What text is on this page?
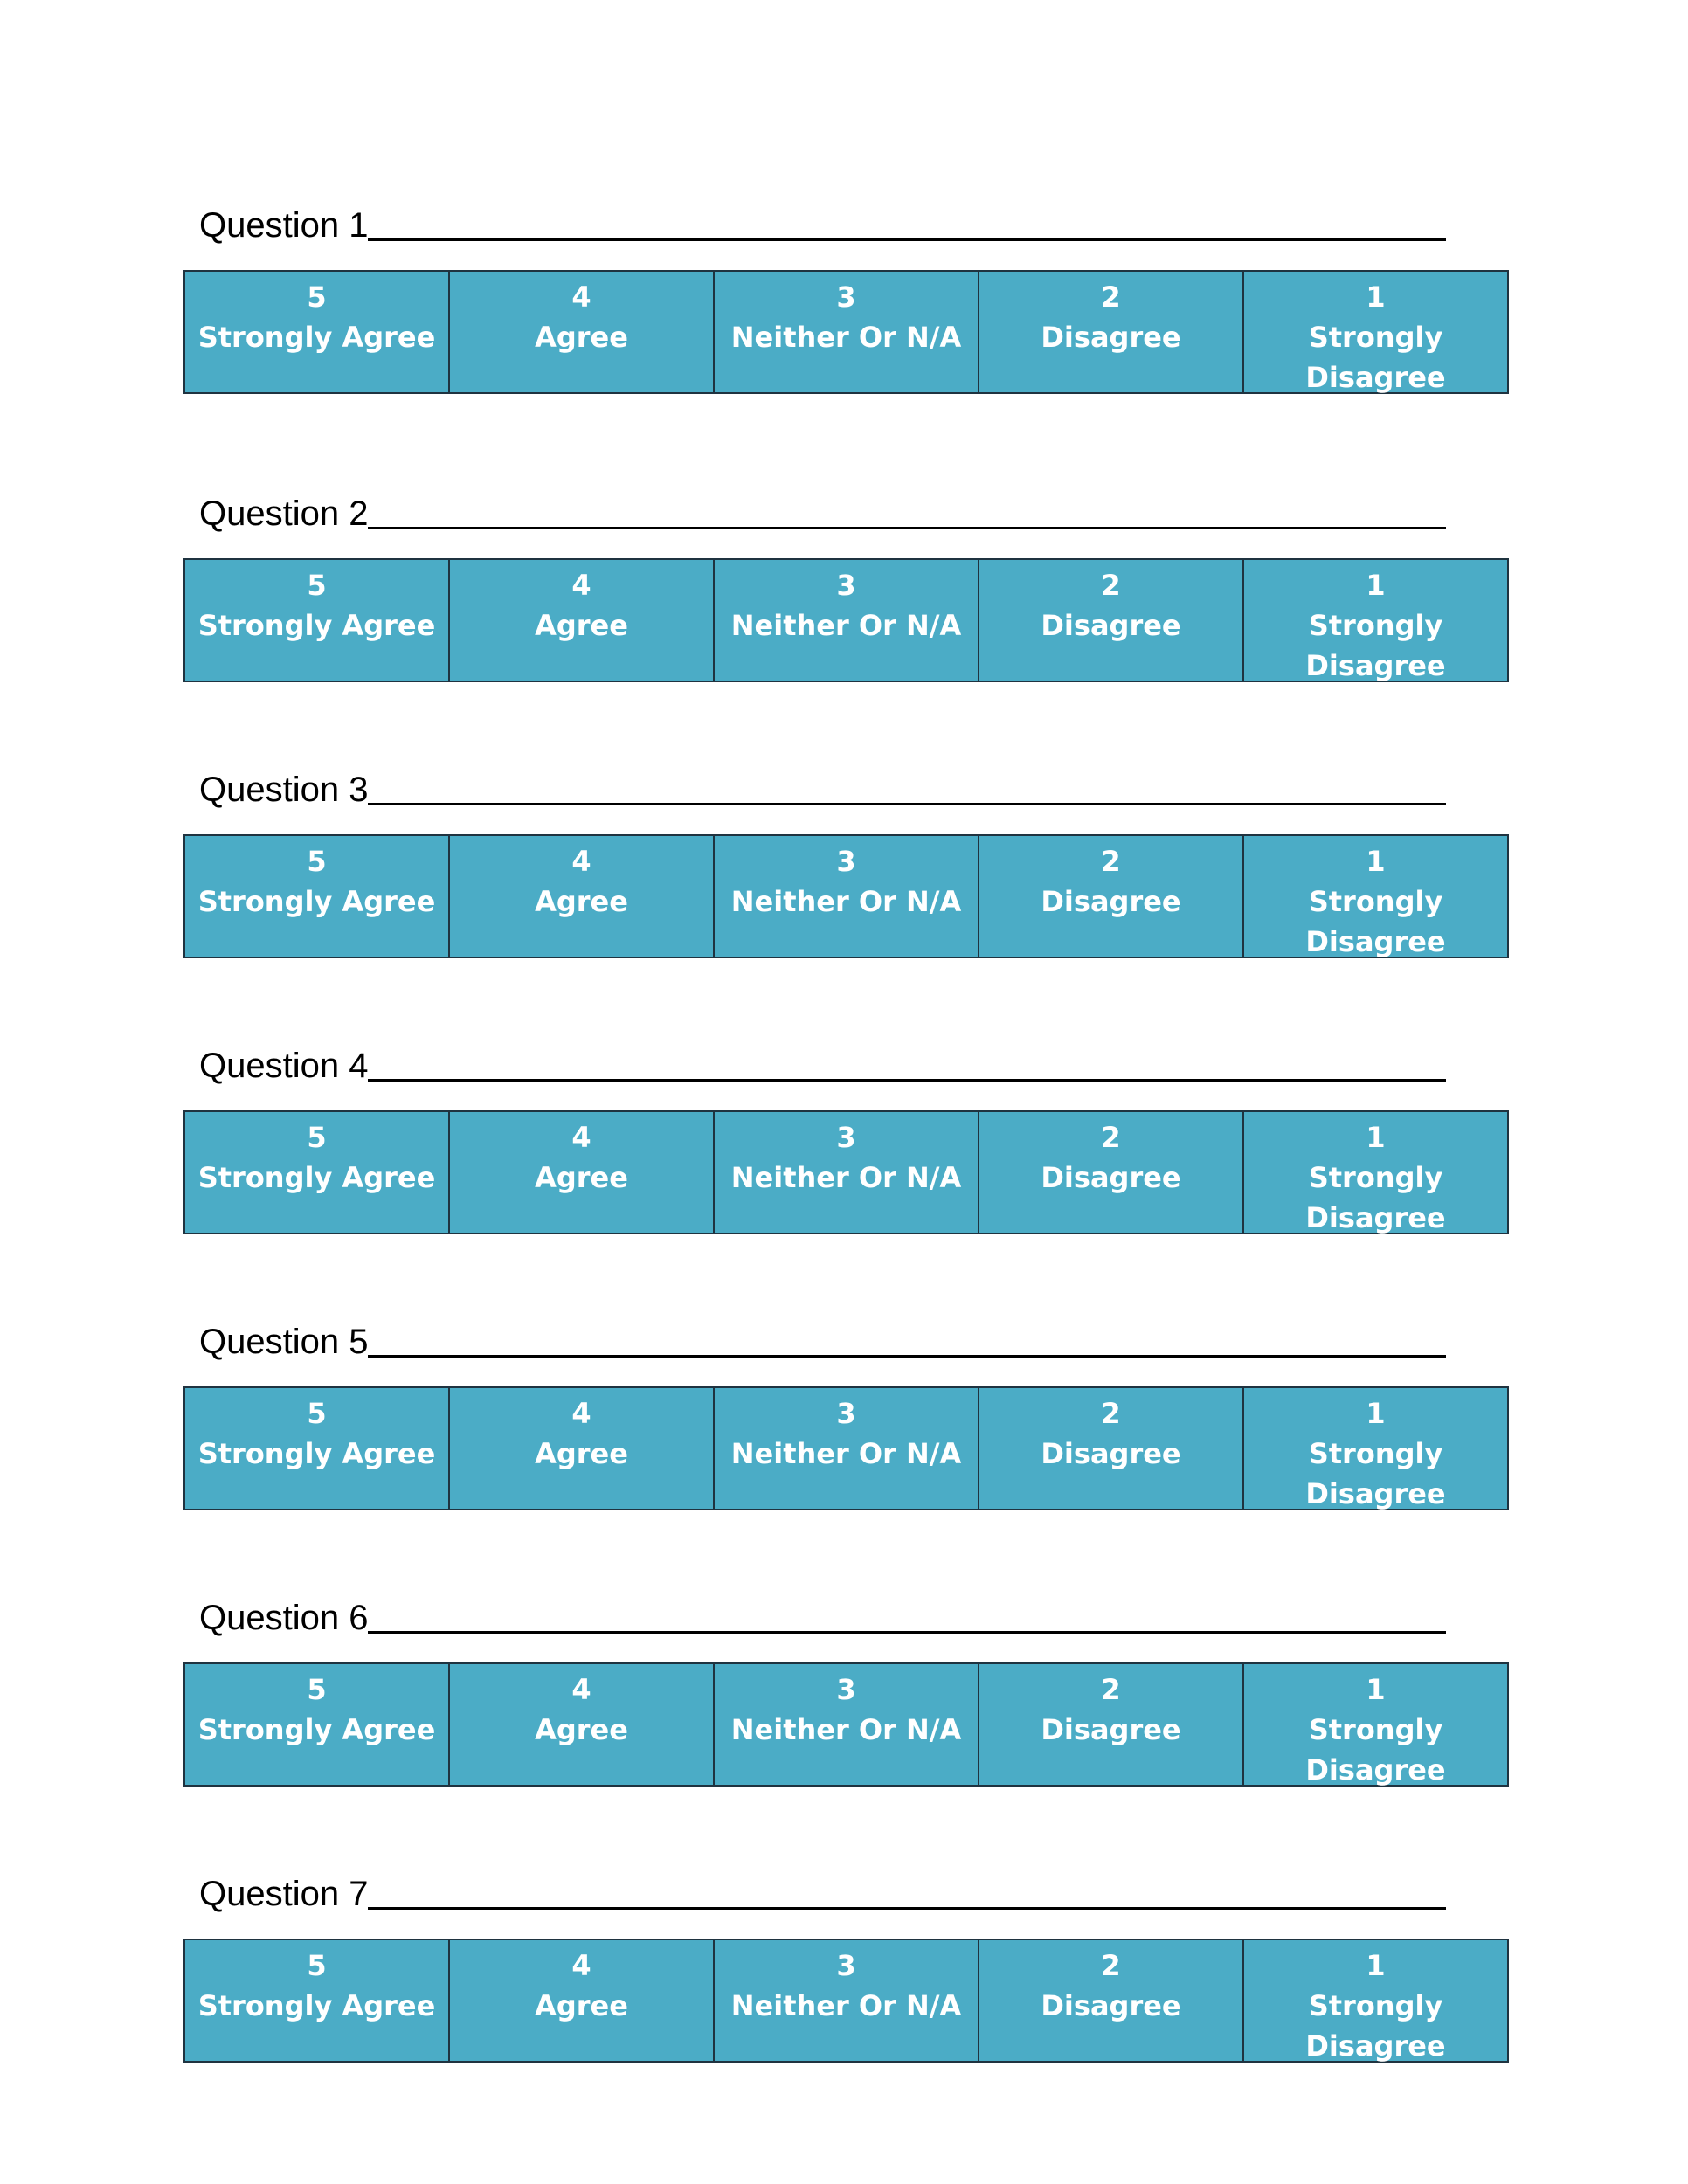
Question 1
5
Strongly Agree
4
Agree
3
Neither Or N/A
2
Disagree
1
Strongly Disagree
Question 2
5
Strongly Agree
4
Agree
3
Neither Or N/A
2
Disagree
1
Strongly Disagree
Question 3
5
Strongly Agree
4
Agree
3
Neither Or N/A
2
Disagree
1
Strongly Disagree
Question 4
5
Strongly Agree
4
Agree
3
Neither Or N/A
2
Disagree
1
Strongly Disagree
Question 5
5
Strongly Agree
4
Agree
3
Neither Or N/A
2
Disagree
1
Strongly Disagree
Question 6
5
Strongly Agree
4
Agree
3
Neither Or N/A
2
Disagree
1
Strongly Disagree
Question 7
5
Strongly Agree
4
Agree
3
Neither Or N/A
2
Disagree
1
Strongly Disagree
